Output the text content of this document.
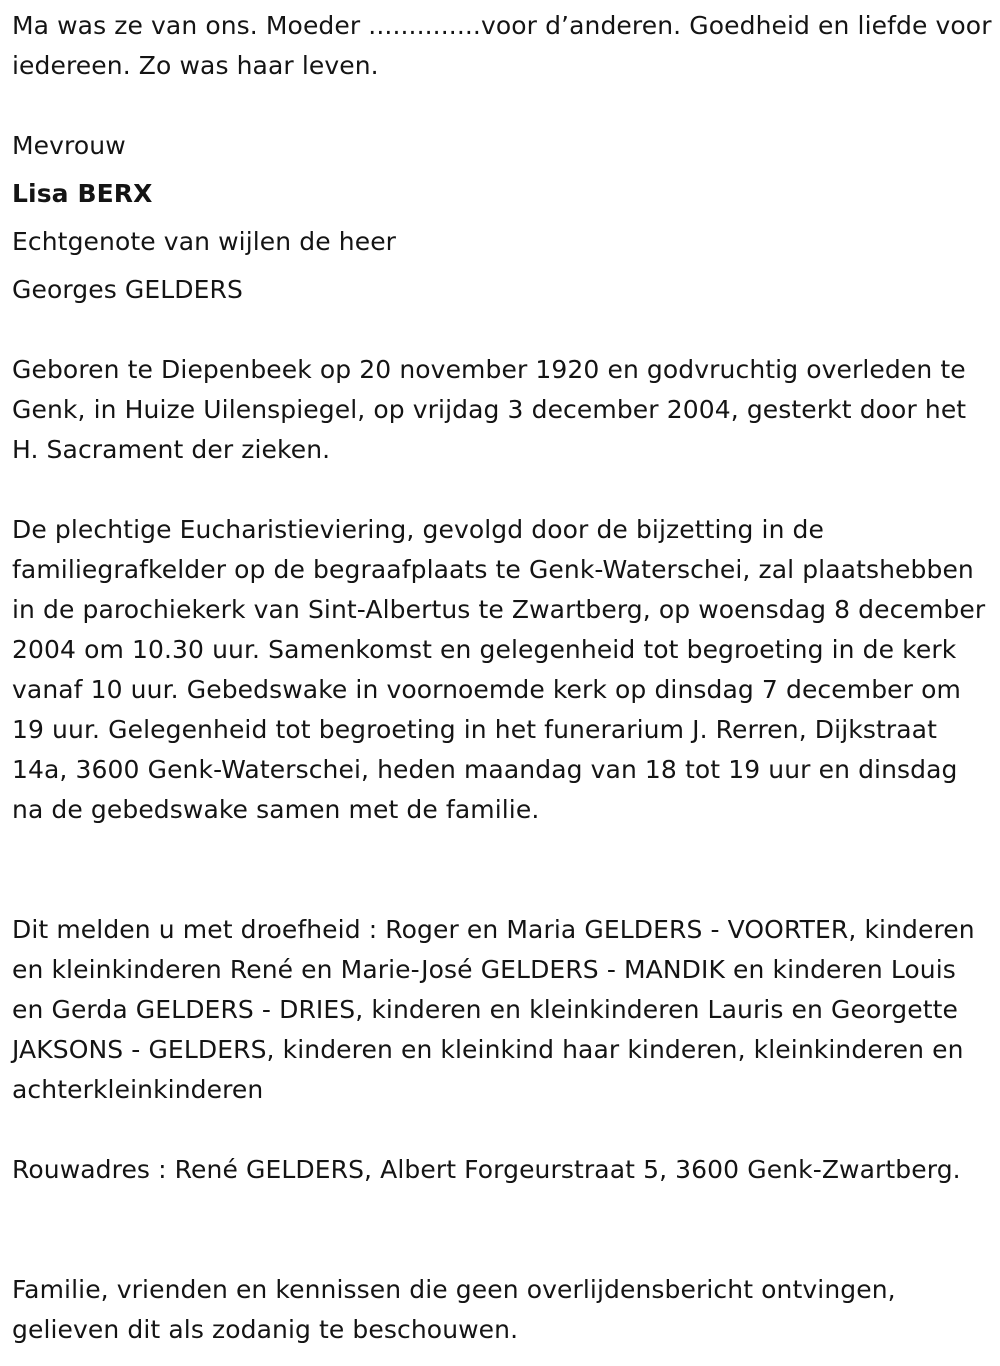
Ma was ze van ons. Moeder ..............voor d’anderen. Goedheid en liefde voor iedereen. Zo was haar leven.

Mevrouw

Lisa BERX

Echtgenote van wijlen de heer

Georges GELDERS

Geboren te Diepenbeek op 20 november 1920 en godvruchtig overleden te Genk, in Huize Uilenspiegel, op vrijdag 3 december 2004, gesterkt door het H. Sacrament der zieken.

De plechtige Eucharistieviering, gevolgd door de bijzetting in de familiegrafkelder op de begraafplaats te Genk-Waterschei, zal plaatshebben in de parochiekerk van Sint-Albertus te Zwartberg, op woensdag 8 december 2004 om 10.30 uur. Samenkomst en gelegenheid tot begroeting in de kerk vanaf 10 uur. Gebedswake in voornoemde kerk op dinsdag 7 december om 19 uur. Gelegenheid tot begroeting in het funerarium J. Rerren, Dijkstraat 14a, 3600 Genk-Waterschei, heden maandag van 18 tot 19 uur en dinsdag na de gebedswake samen met de familie.

Dit melden u met droefheid : Roger en Maria GELDERS - VOORTER, kinderen en kleinkinderen René en Marie-José GELDERS - MANDIK en kinderen Louis en Gerda GELDERS - DRIES, kinderen en kleinkinderen Lauris en Georgette JAKSONS - GELDERS, kinderen en kleinkind haar kinderen, kleinkinderen en achterkleinkinderen

Rouwadres : René GELDERS, Albert Forgeurstraat 5, 3600 Genk-Zwartberg.

Familie, vrienden en kennissen die geen overlijdensbericht ontvingen, gelieven dit als zodanig te beschouwen.
